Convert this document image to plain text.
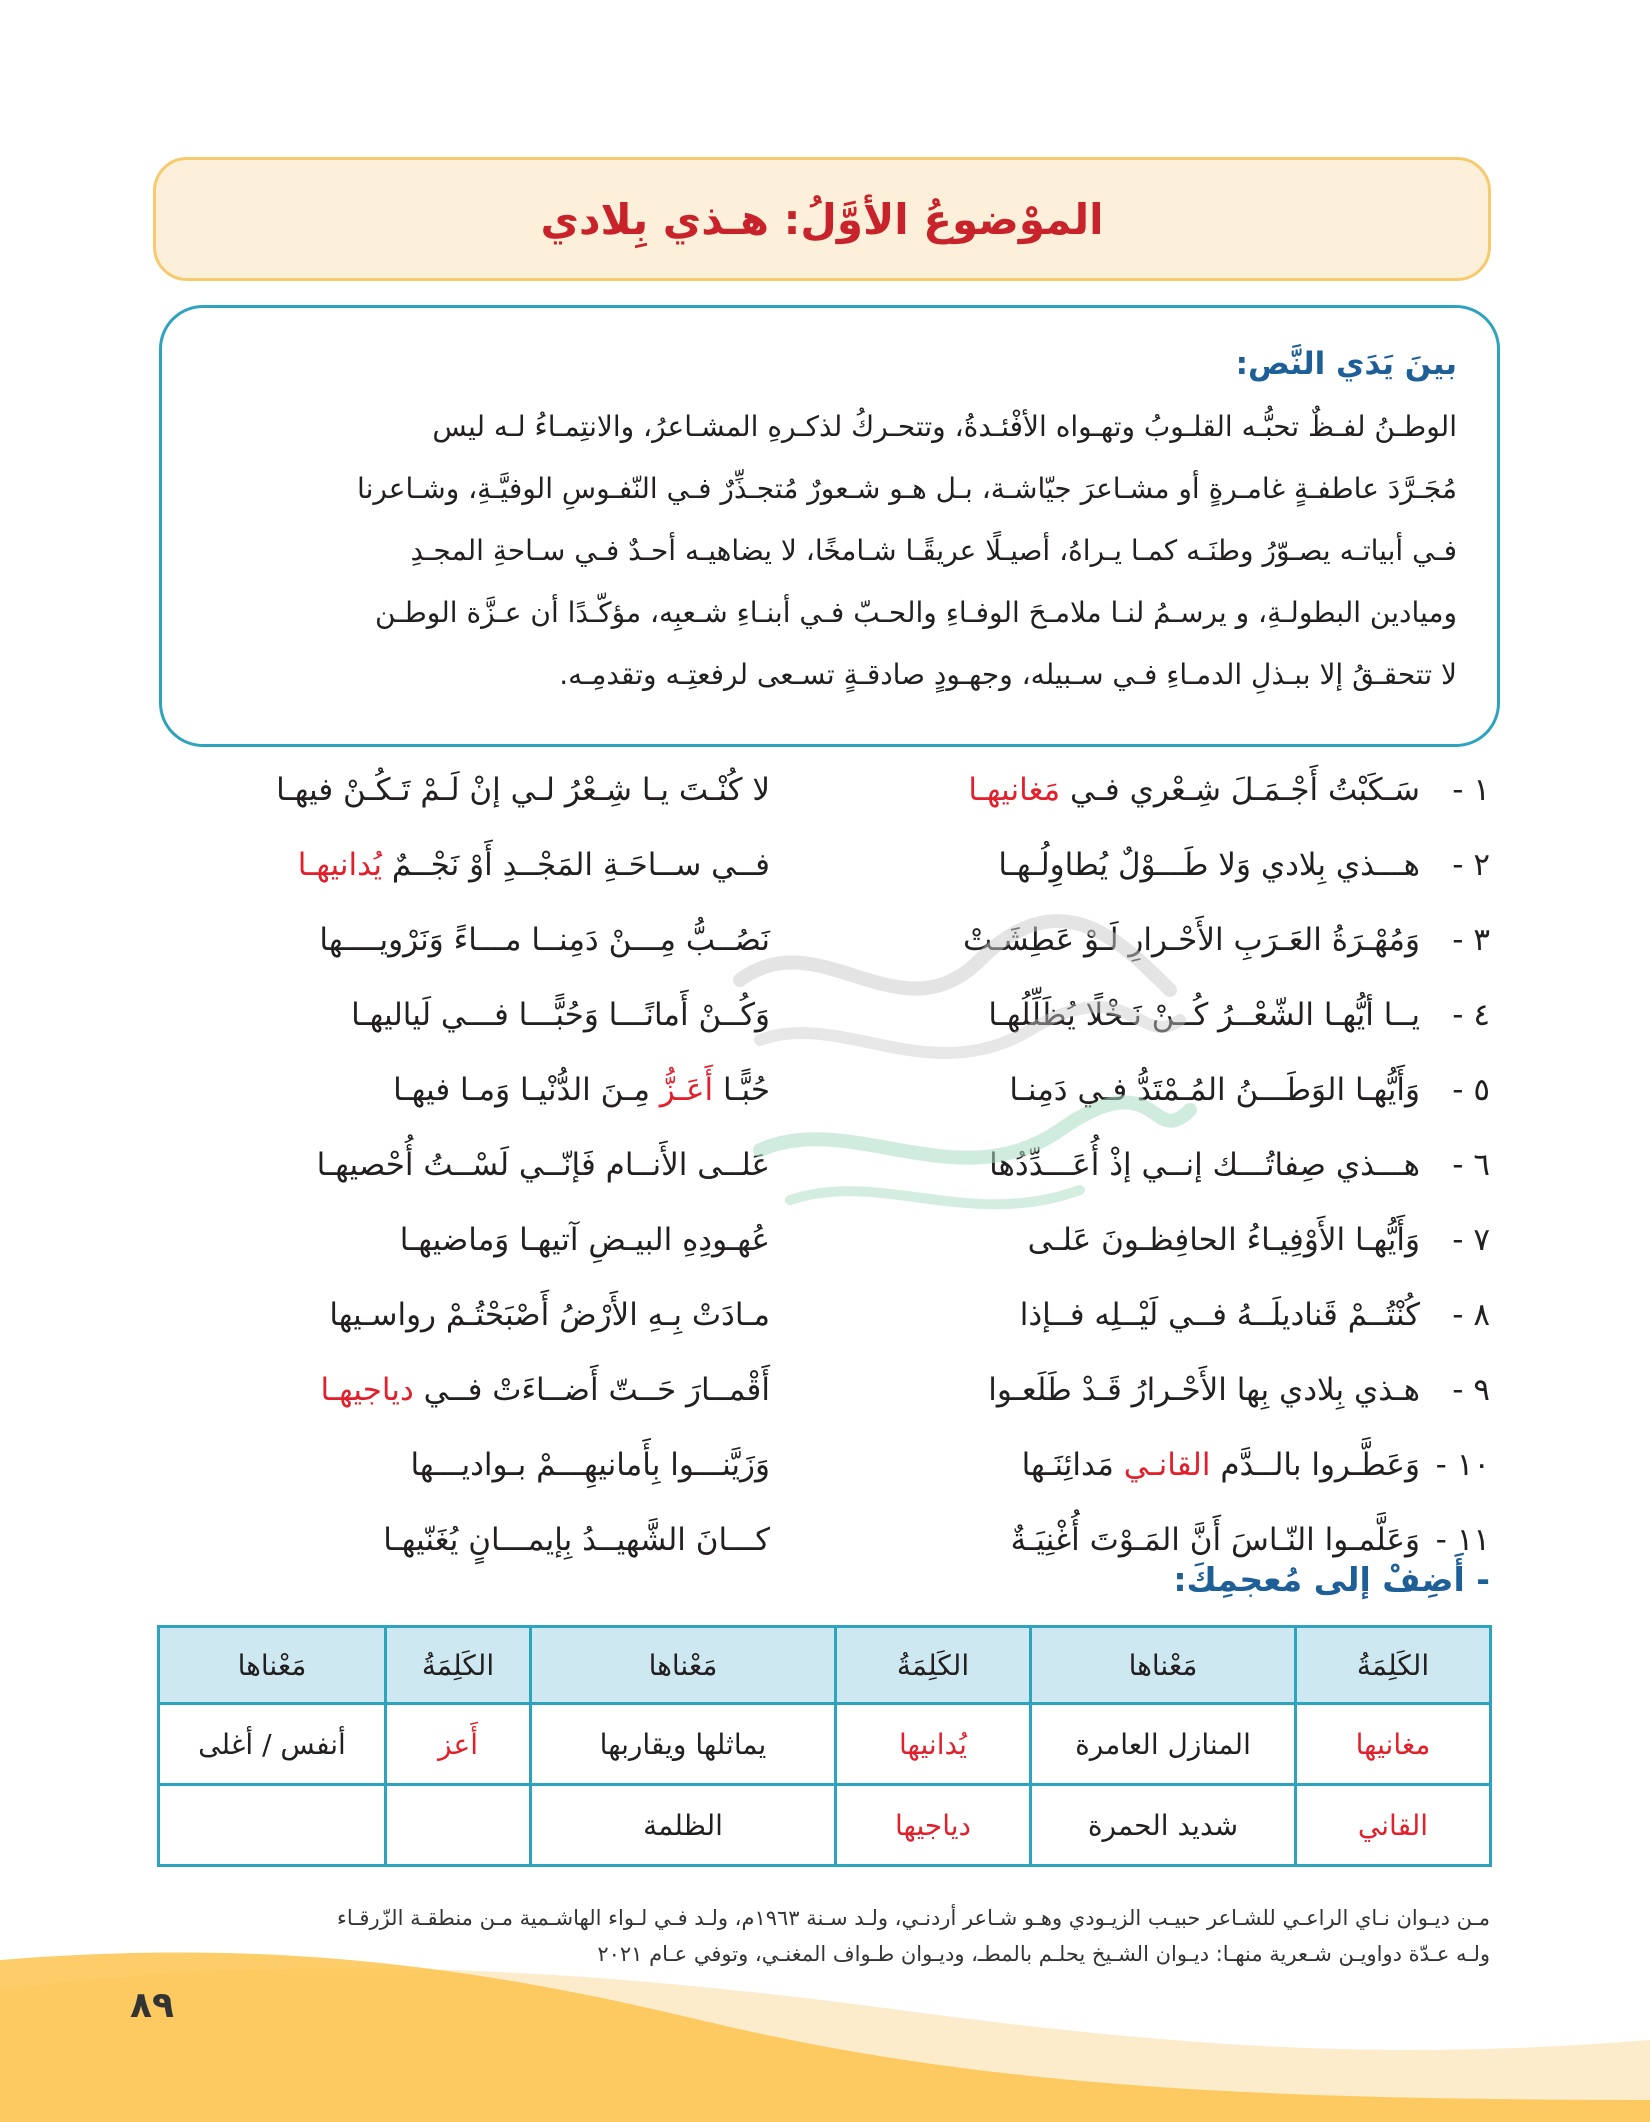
الموْضوعُ الأوَّلُ: هـذي بِلادي
بينَ يَدَي النَّص:

الوطـنُ لفـظٌ تحبُّـه القلـوبُ وتهـواه الأفْئـدةُ، وتتحـركُ لذكـرهِ المشـاعرُ، والانتِمـاءُ لـه ليس

مُجَـرَّدَ عاطفـةٍ غامـرةٍ أو مشـاعرَ جيّاشـة، بـل هـو شـعورٌ مُتجـذِّرٌ فـي النّفـوسِ الوفيَّـةِ، وشـاعرنا

فـي أبياتـه يصـوّرُ وطنَـه كمـا يـراهُ، أصيـلًا عريقًـا شـامخًا، لا يضاهيـه أحـدٌ فـي سـاحةِ المجـدِ

وميادين البطولـةِ، و يرسـمُ لنـا ملامـحَ الوفـاءِ والحـبّ فـي أبنـاءِ شـعبِه، مؤكّـدًا أن عـزَّة الوطـن

لا تتحقـقُ إلا ببـذلِ الدمـاءِ فـي سـبيله، وجهـودٍ صادقـةٍ تسـعى لرفعتِـه وتقدمِـه.

١ -
سَـكَبْتُ أَجْـمَـلَ شِـعْري فـي مَغانيهـا
لا كُنْـتَ يـا شِـعْرُ لـي إنْ لَـمْ تَـكُـنْ فيهـا
٢ -
هـــذي بِلادي وَلا طَـــوْلٌ يُطاوِلُـهـا
فــي ســاحَـةِ المَجْــدِ أَوْ نَجْــمٌ يُدانيهـا
٣ -
وَمُهْـرَةُ العَـرَبِ الأَحْـرارِ لَـوْ عَطِشَـتْ
نَصُــبُّ مِـــنْ دَمِنــا مـــاءً وَنَرْويــــها
٤ -
يــا أيُّهـا الشّعْــرُ كُــنْ نَـخْلًا يُظَلِّلُهـا
وَكُــنْ أَمانًـــا وَحُبًّـــا فـــي لَياليهـا
٥ -
وَأَيُّهـا الوَطَـــنُ المُـمْتَدُّ فـي دَمِنـا
حُبًّـا أَعَـزُّ مِـنَ الدُّنْيـا وَمـا فيهـا
٦ -
هـــذي صِفاتُـــك إنــي إذْ أُعَـــدِّدُها
عَلــى الأَنــام فَإنّــي لَسْــتُ أُحْصيهـا
٧ -
وَأَيُّهـا الأَوْفِيـاءُ الحافِظـونَ عَلـى
عُهـودِهِ البيـضِ آتيهـا وَماضيهـا
٨ -
كُنْتُــمْ قَناديلَــهُ فــي لَيْــلِه فــإذا
مـادَتْ بِـهِ الأَرْضُ أَصْبَحْتُـمْ رواسـيها
٩ -
هـذي بِلادي بِها الأَحْـرارُ قَـدْ طَلَعـوا
أَقْمــارَ حَــتّ أَضــاءَتْ فــي دياجيهـا
١٠ -
وَعَطَّـروا بالــدَّم القانـي مَدائِنَـها
وَزَيَّنـــوا بِأَمانيهِـــمْ بـواديـــها
١١ -
وَعَلَّمـوا النّـاسَ أَنَّ المَـوْتَ أُغْنِيَـةٌ
كـــانَ الشَّهيــدُ بِإيمـــانٍ يُغَنّيهـا
- أَضِفْ إلى مُعجمِكَ:
الكَلِمَةُ	مَعْناها	الكَلِمَةُ	مَعْناها	الكَلِمَةُ	مَعْناها
مغانيها	المنازل العامرة	يُدانيها	يماثلها ويقاربها	أَعز	أنفس / أغلى
القاني	شديد الحمرة	دياجيها	الظلمة		

مـن ديـوان نـاي الراعـي للشـاعر حبيـب الزيـودي وهـو شـاعر أردنـي، ولـد سـنة ١٩٦٣م، ولـد فـي لـواء الهاشـمية مـن منطقـة الزّرقـاء

ولـه عـدّة دواويـن شـعرية منهـا: ديـوان الشـيخ يحلـم بالمطـ، وديـوان طـواف المغنـي، وتوفي عـام ٢٠٢١

٨٩
